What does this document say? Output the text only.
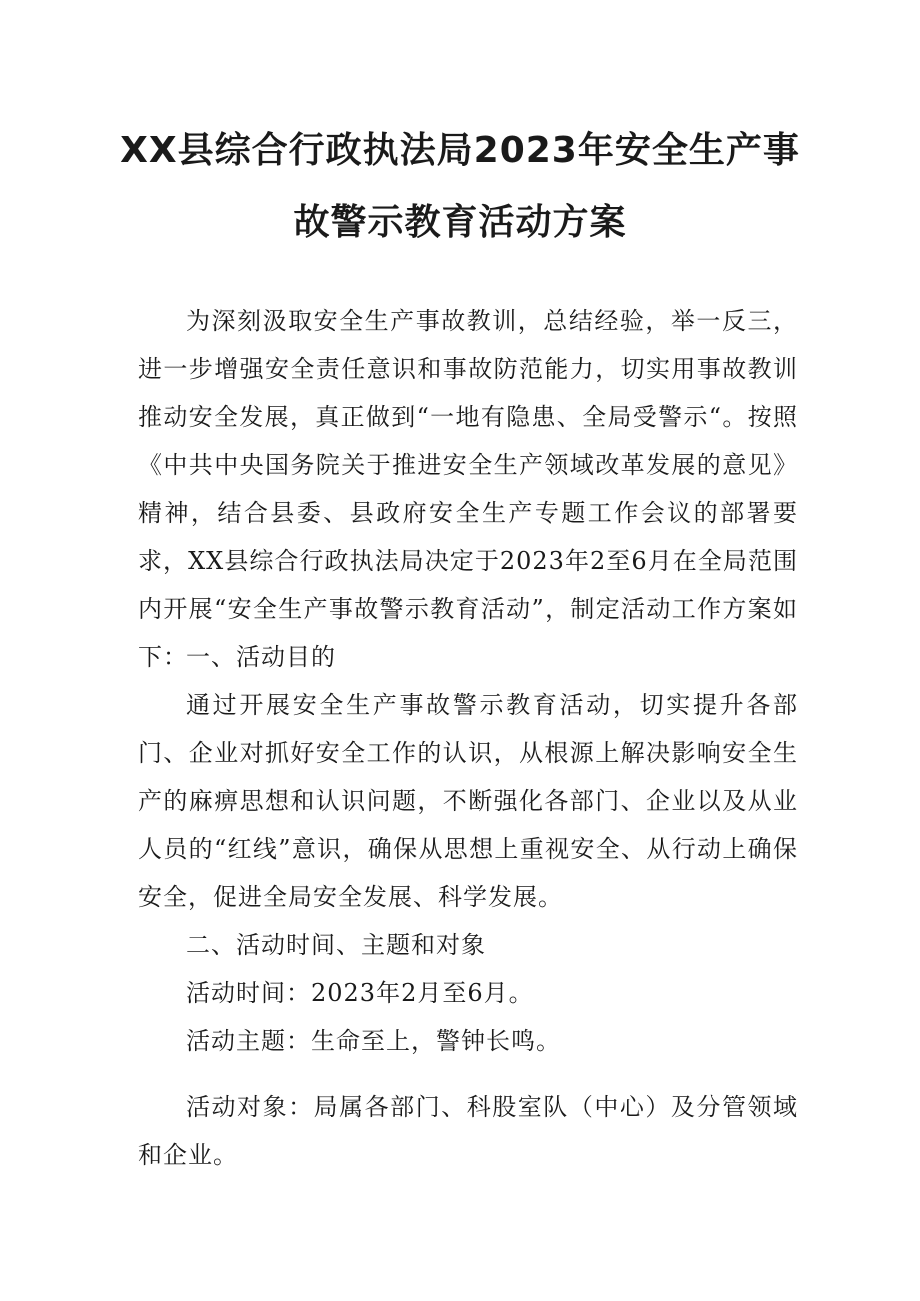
XX县综合行政执法局2023年安全生产事
故警示教育活动方案

为深刻汲取安全生产事故教训，总结经验，举一反三，进一步增强安全责任意识和事故防范能力，切实用事故教训推动安全发展，真正做到“一地有隐患、全局受警示“。按照《中共中央国务院关于推进安全生产领域改革发展的意见》精神，结合县委、县政府安全生产专题工作会议的部署要求，XX县综合行政执法局决定于2023年2至6月在全局范围内开展“安全生产事故警示教育活动”，制定活动工作方案如下：

一、活动目的

通过开展安全生产事故警示教育活动，切实提升各部门、企业对抓好安全工作的认识，从根源上解决影响安全生产的麻痹思想和认识问题，不断强化各部门、企业以及从业人员的“红线”意识，确保从思想上重视安全、从行动上确保安全，促进全局安全发展、科学发展。

二、活动时间、主题和对象

活动时间：2023年2月至6月。

活动主题：生命至上，警钟长鸣。

活动对象：局属各部门、科股室队（中心）及分管领域和企业。
